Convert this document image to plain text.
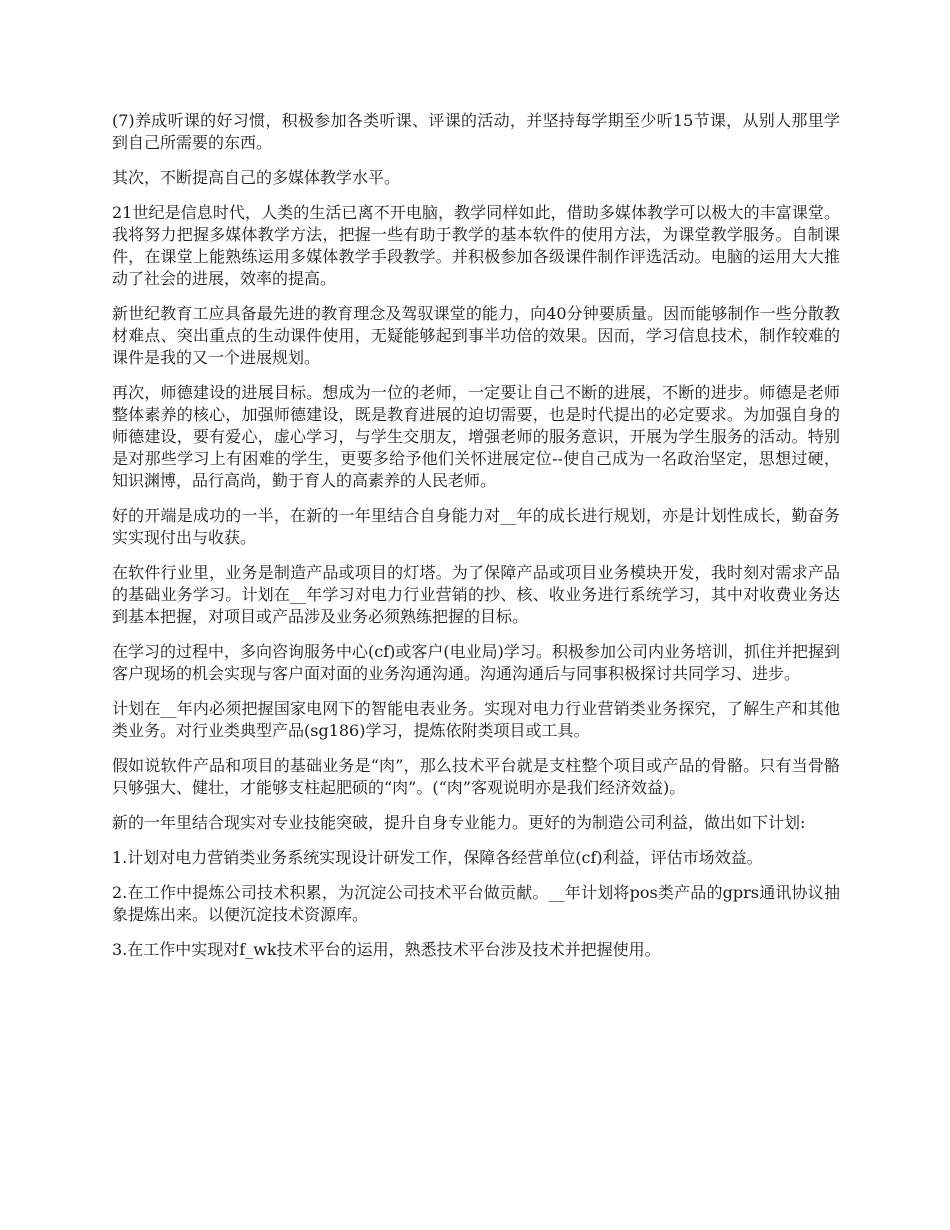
(7)养成听课的好习惯，积极参加各类听课、评课的活动，并坚持每学期至少听15节课，从别人那里学到自己所需要的东西。

其次，不断提高自己的多媒体教学水平。

21世纪是信息时代，人类的生活已离不开电脑，教学同样如此，借助多媒体教学可以极大的丰富课堂。我将努力把握多媒体教学方法，把握一些有助于教学的基本软件的使用方法，为课堂教学服务。自制课件，在课堂上能熟练运用多媒体教学手段教学。并积极参加各级课件制作评选活动。电脑的运用大大推动了社会的进展，效率的提高。

新世纪教育工应具备最先进的教育理念及驾驭课堂的能力，向40分钟要质量。因而能够制作一些分散教材难点、突出重点的生动课件使用，无疑能够起到事半功倍的效果。因而，学习信息技术，制作较难的课件是我的又一个进展规划。

再次，师德建设的进展目标。想成为一位的老师，一定要让自己不断的进展，不断的进步。师德是老师整体素养的核心，加强师德建设，既是教育进展的迫切需要，也是时代提出的必定要求。为加强自身的师德建设，要有爱心，虚心学习，与学生交朋友，增强老师的服务意识，开展为学生服务的活动。特别是对那些学习上有困难的学生，更要多给予他们关怀进展定位--使自己成为一名政治坚定，思想过硬，知识渊博，品行高尚，勤于育人的高素养的人民老师。

好的开端是成功的一半，在新的一年里结合自身能力对__年的成长进行规划，亦是计划性成长，勤奋务实实现付出与收获。

在软件行业里，业务是制造产品或项目的灯塔。为了保障产品或项目业务模块开发，我时刻对需求产品的基础业务学习。计划在__年学习对电力行业营销的抄、核、收业务进行系统学习，其中对收费业务达到基本把握，对项目或产品涉及业务必须熟练把握的目标。

在学习的过程中，多向咨询服务中心(cf)或客户(电业局)学习。积极参加公司内业务培训，抓住并把握到客户现场的机会实现与客户面对面的业务沟通沟通。沟通沟通后与同事积极探讨共同学习、进步。

计划在__年内必须把握国家电网下的智能电表业务。实现对电力行业营销类业务探究，了解生产和其他类业务。对行业类典型产品(sg186)学习，提炼依附类项目或工具。

假如说软件产品和项目的基础业务是“肉”，那么技术平台就是支柱整个项目或产品的骨骼。只有当骨骼只够强大、健壮，才能够支柱起肥硕的“肉”。(“肉”客观说明亦是我们经济效益)。

新的一年里结合现实对专业技能突破，提升自身专业能力。更好的为制造公司利益，做出如下计划:

1.计划对电力营销类业务系统实现设计研发工作，保障各经营单位(cf)利益，评估市场效益。

2.在工作中提炼公司技术积累，为沉淀公司技术平台做贡献。__年计划将pos类产品的gprs通讯协议抽象提炼出来。以便沉淀技术资源库。

3.在工作中实现对f_wk技术平台的运用，熟悉技术平台涉及技术并把握使用。
